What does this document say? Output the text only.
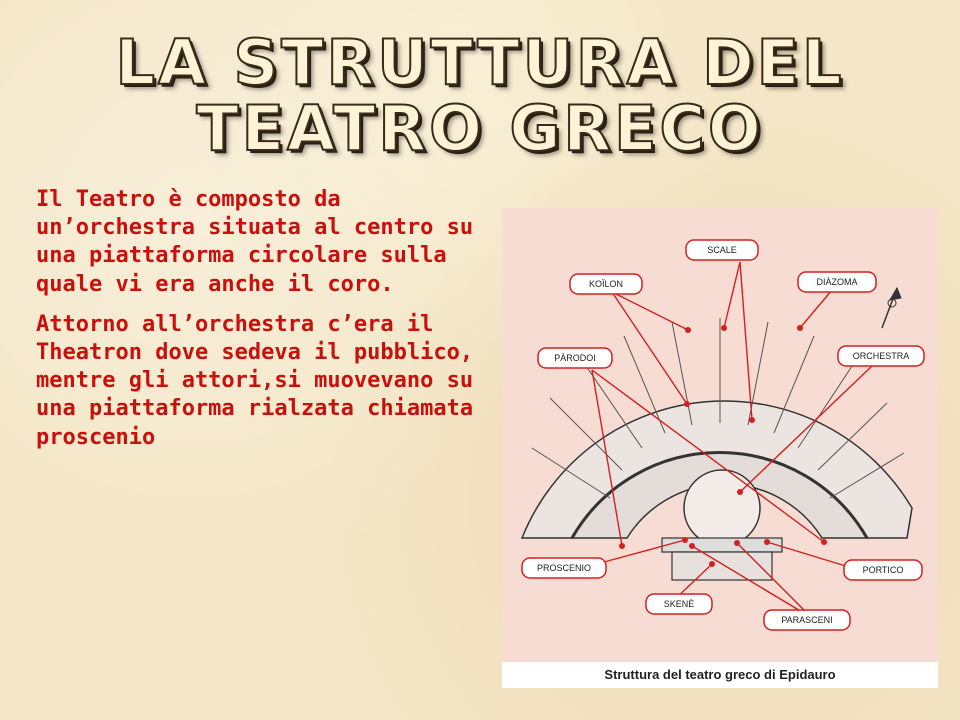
LA STRUTTURA DEL
TEATRO GRECO

Il Teatro è composto da un’orchestra situata al centro su una piattaforma circolare sulla quale vi era anche il coro.

Attorno all’orchestra c’era il Theatron dove sedeva il pubblico, mentre gli attori,si muovevano su una piattaforma rialzata chiamata proscenio

SCALE
KOÏLON	DIÀZOMA
PÀRODOI	ORCHESTRA
PROSCENIO	PORTICO
SKENÈ
PARASCENI
Struttura del teatro greco di Epidauro
